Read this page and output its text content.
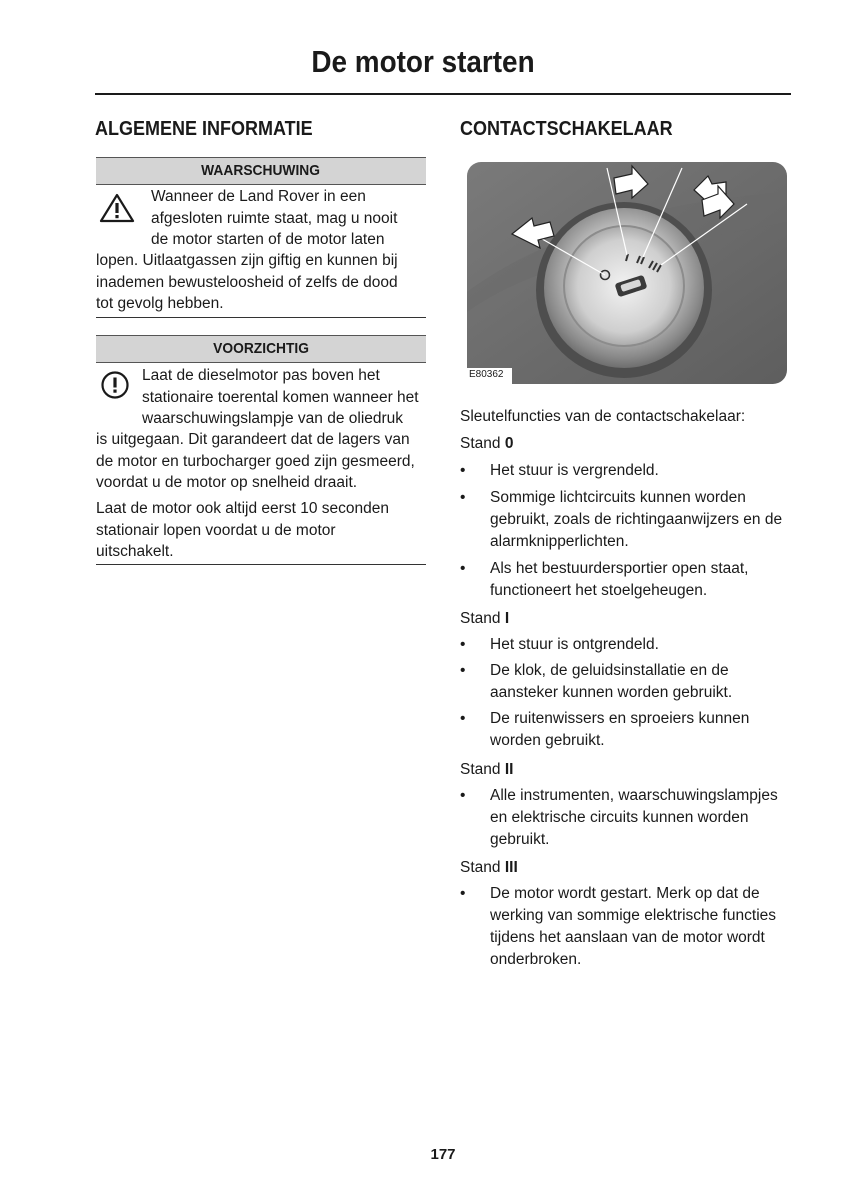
De motor starten
ALGEMENE INFORMATIE
WAARSCHUWING
Wanneer de Land Rover in een
afgesloten ruimte staat, mag u nooit
de motor starten of de motor laten
lopen. Uitlaatgassen zijn giftig en kunnen bij
inademen bewusteloosheid of zelfs de dood
tot gevolg hebben.
VOORZICHTIG
Laat de dieselmotor pas boven het
stationaire toerental komen wanneer het
waarschuwingslampje van de oliedruk
is uitgegaan. Dit garandeert dat de lagers van
de motor en turbocharger goed zijn gesmeerd,
voordat u de motor op snelheid draait.
Laat de motor ook altijd eerst 10 seconden
stationair lopen voordat u de motor
uitschakelt.
CONTACTSCHAKELAAR
E80362
Sleutelfuncties van de contactschakelaar:
Stand 0
•	Het stuur is vergrendeld.
•	Sommige lichtcircuits kunnen worden
gebruikt, zoals de richtingaanwijzers en de
alarmknipperlichten.
•	Als het bestuurdersportier open staat,
functioneert het stoelgeheugen.
Stand I
•	Het stuur is ontgrendeld.
•	De klok, de geluidsinstallatie en de
aansteker kunnen worden gebruikt.
•	De ruitenwissers en sproeiers kunnen
worden gebruikt.
Stand II
•	Alle instrumenten, waarschuwingslampjes
en elektrische circuits kunnen worden
gebruikt.
Stand III
•	De motor wordt gestart. Merk op dat de
werking van sommige elektrische functies
tijdens het aanslaan van de motor wordt
onderbroken.
177
